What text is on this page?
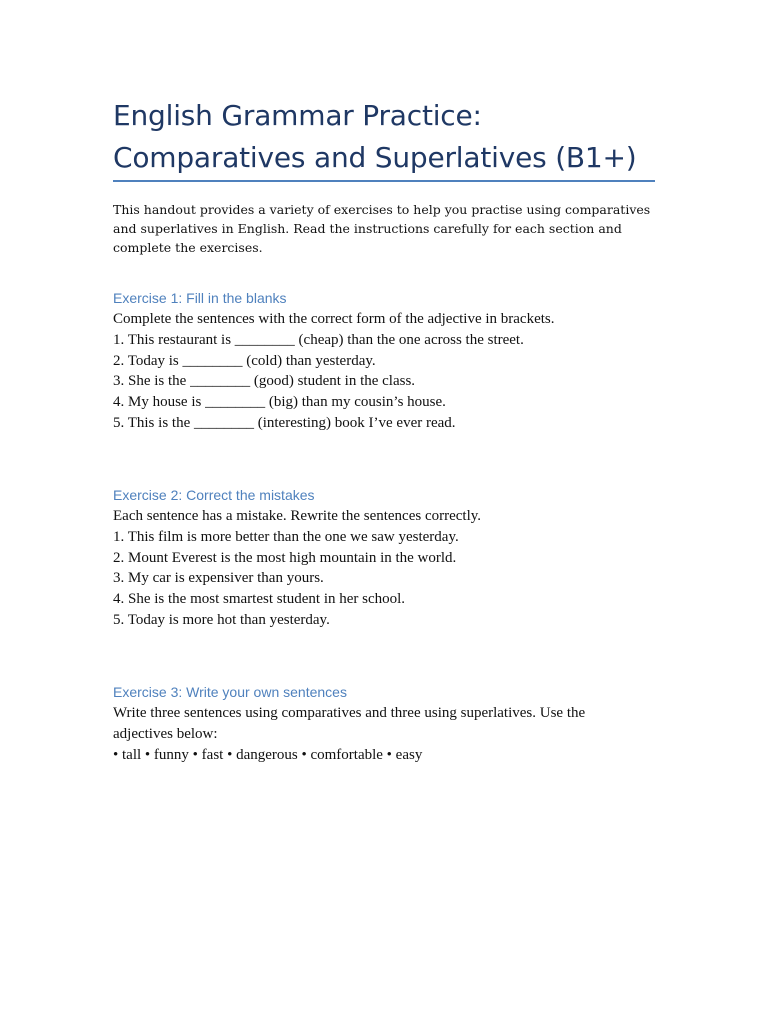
English Grammar Practice:
Comparatives and Superlatives (B1+)
This handout provides a variety of exercises to help you practise using comparatives and superlatives in English. Read the instructions carefully for each section and complete the exercises.
Exercise 1: Fill in the blanks
Complete the sentences with the correct form of the adjective in brackets.
1. This restaurant is ________ (cheap) than the one across the street.
2. Today is ________ (cold) than yesterday.
3. She is the ________ (good) student in the class.
4. My house is ________ (big) than my cousin’s house.
5. This is the ________ (interesting) book I’ve ever read.
Exercise 2: Correct the mistakes
Each sentence has a mistake. Rewrite the sentences correctly.
1. This film is more better than the one we saw yesterday.
2. Mount Everest is the most high mountain in the world.
3. My car is expensiver than yours.
4. She is the most smartest student in her school.
5. Today is more hot than yesterday.
Exercise 3: Write your own sentences
Write three sentences using comparatives and three using superlatives. Use the adjectives below:
• tall • funny • fast • dangerous • comfortable • easy
